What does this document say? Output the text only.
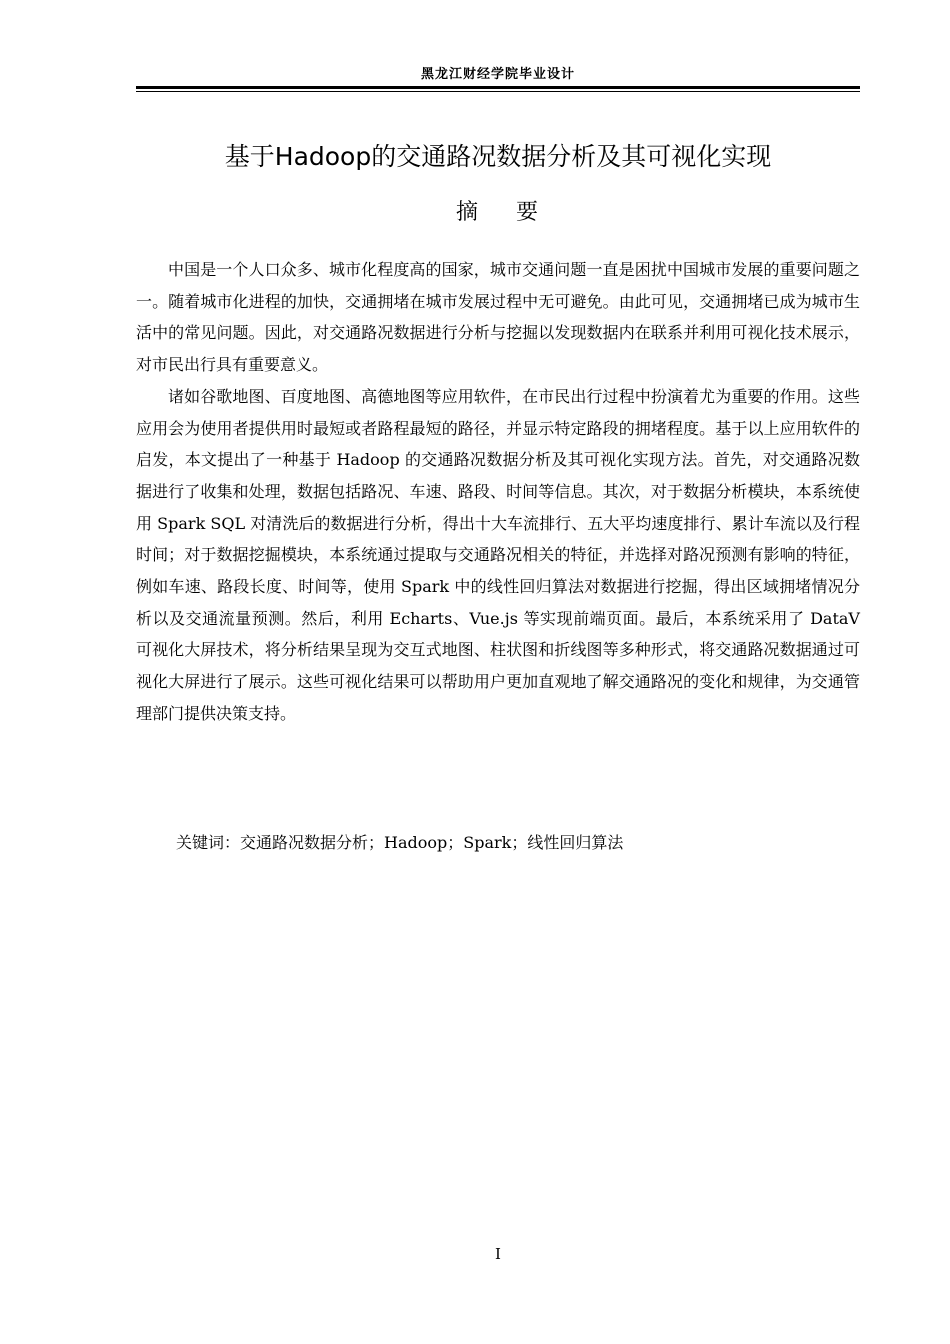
黑龙江财经学院毕业设计
基于Hadoop的交通路况数据分析及其可视化实现
摘    要

中国是一个人口众多、城市化程度高的国家，城市交通问题一直是困扰中国城市发展的重要问题之一。随着城市化进程的加快，交通拥堵在城市发展过程中无可避免。由此可见，交通拥堵已成为城市生活中的常见问题。因此，对交通路况数据进行分析与挖掘以发现数据内在联系并利用可视化技术展示，对市民出行具有重要意义。

诸如谷歌地图、百度地图、高德地图等应用软件，在市民出行过程中扮演着尤为重要的作用。这些应用会为使用者提供用时最短或者路程最短的路径，并显示特定路段的拥堵程度。基于以上应用软件的启发，本文提出了一种基于 Hadoop 的交通路况数据分析及其可视化实现方法。首先，对交通路况数据进行了收集和处理，数据包括路况、车速、路段、时间等信息。其次，对于数据分析模块，本系统使用 Spark SQL 对清洗后的数据进行分析，得出十大车流排行、五大平均速度排行、累计车流以及行程时间；对于数据挖掘模块，本系统通过提取与交通路况相关的特征，并选择对路况预测有影响的特征，例如车速、路段长度、时间等，使用 Spark 中的线性回归算法对数据进行挖掘，得出区域拥堵情况分析以及交通流量预测。然后，利用 Echarts、Vue.js 等实现前端页面。最后，本系统采用了 DataV 可视化大屏技术，将分析结果呈现为交互式地图、柱状图和折线图等多种形式，将交通路况数据通过可视化大屏进行了展示。这些可视化结果可以帮助用户更加直观地了解交通路况的变化和规律，为交通管理部门提供决策支持。

关键词：交通路况数据分析；Hadoop；Spark；线性回归算法
I
